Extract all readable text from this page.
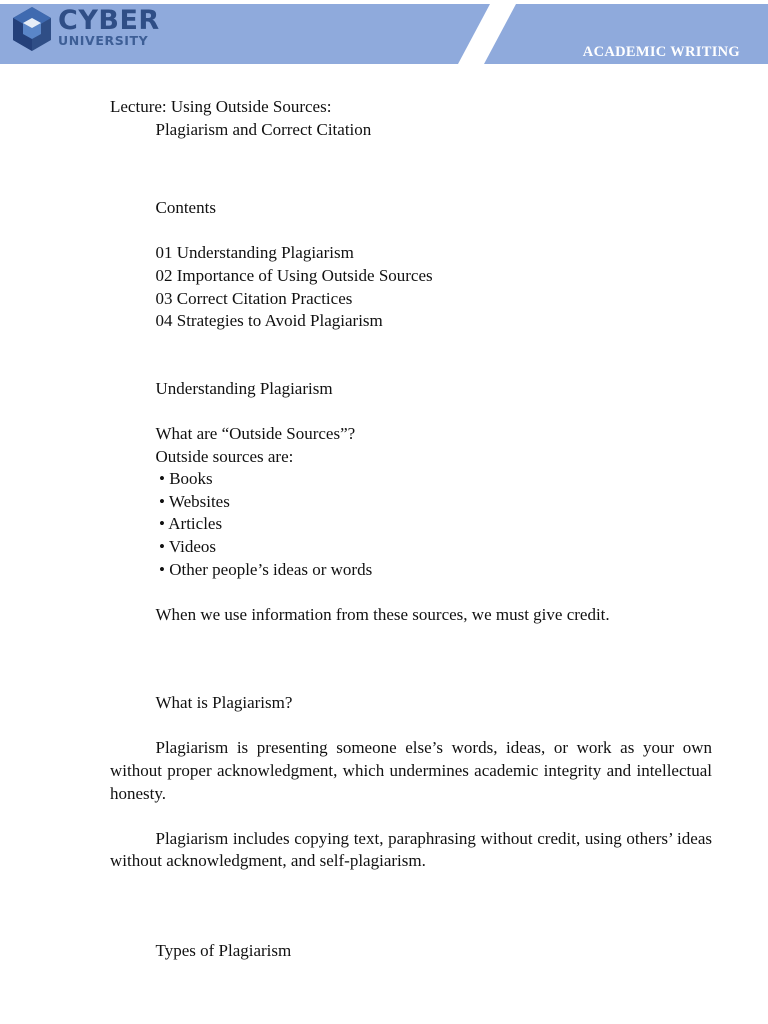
CYBER
UNIVERSITY
ACADEMIC WRITING

Lecture: Using Outside Sources:

Plagiarism and Correct Citation

Contents

01 Understanding Plagiarism

02 Importance of Using Outside Sources

03 Correct Citation Practices

04 Strategies to Avoid Plagiarism

Understanding Plagiarism

What are “Outside Sources”?

Outside sources are:

• Books

• Websites

• Articles

• Videos

• Other people’s ideas or words

When we use information from these sources, we must give credit.

What is Plagiarism?

Plagiarism is presenting someone else’s words, ideas, or work as your own without proper acknowledgment, which undermines academic integrity and intellectual honesty.

Plagiarism includes copying text, paraphrasing without credit, using others’ ideas without acknowledgment, and self-plagiarism.

Types of Plagiarism
